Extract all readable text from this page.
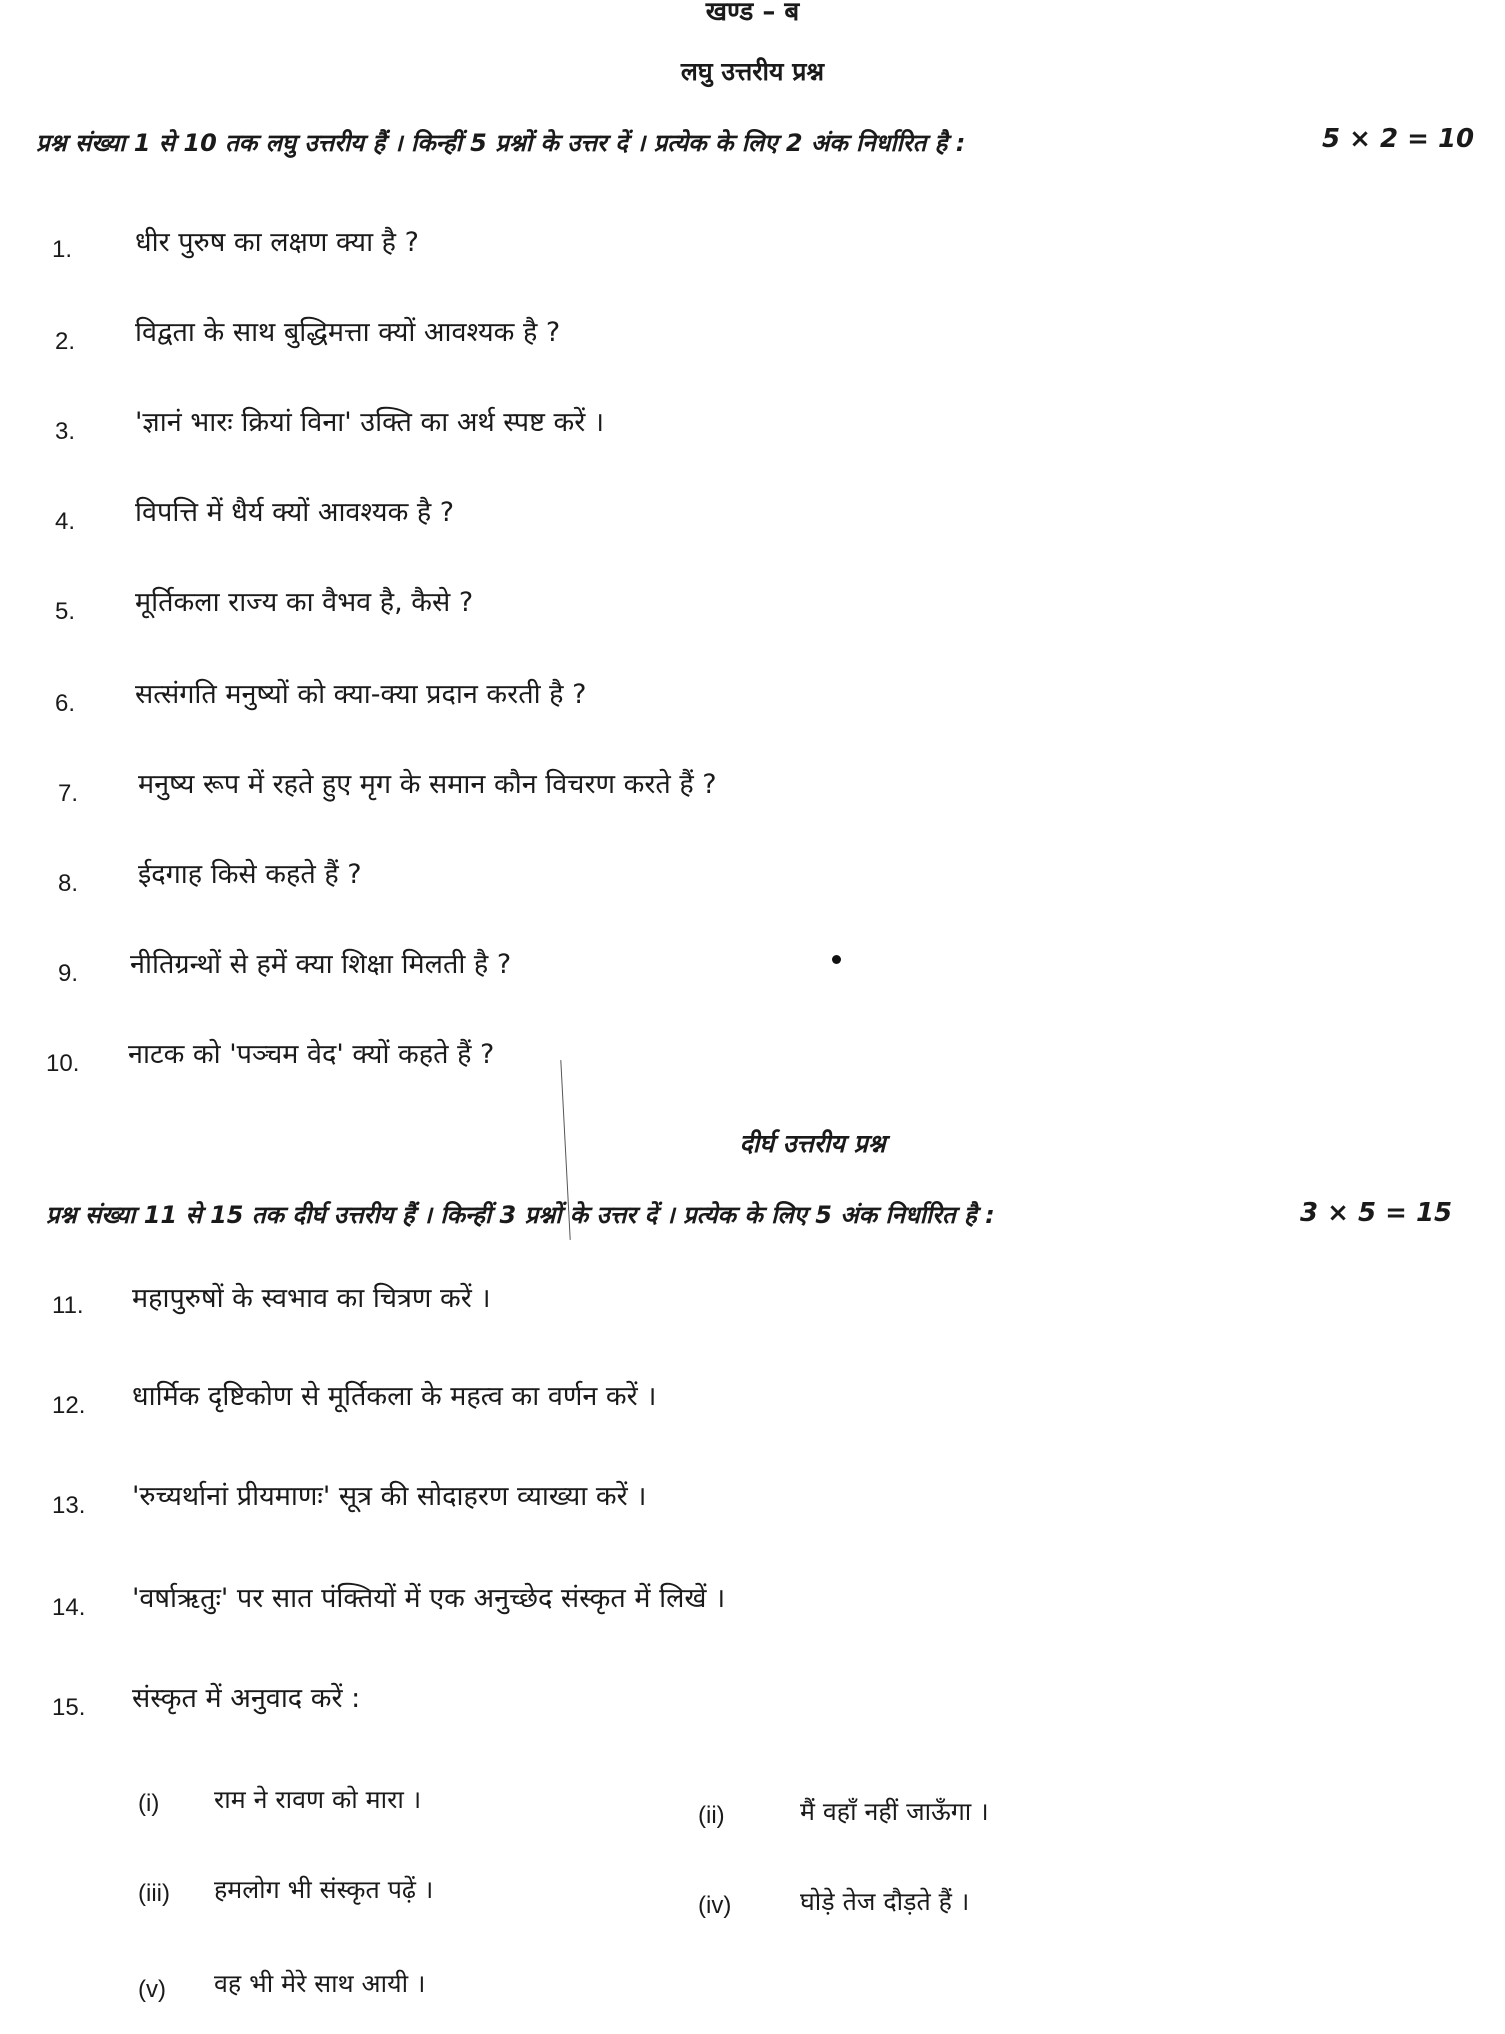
खण्ड – ब
लघु उत्तरीय प्रश्न
प्रश्न संख्या 1 से 10 तक लघु उत्तरीय हैं । किन्हीं 5 प्रश्नों के उत्तर दें । प्रत्येक के लिए 2 अंक निर्धारित है :	5 × 2 = 10
1. धीर पुरुष का लक्षण क्या है ?
2. विद्वता के साथ बुद्धिमत्ता क्यों आवश्यक है ?
3. 'ज्ञानं भारः क्रियां विना' उक्ति का अर्थ स्पष्ट करें ।
4. विपत्ति में धैर्य क्यों आवश्यक है ?
5. मूर्तिकला राज्य का वैभव है, कैसे ?
6. सत्संगति मनुष्यों को क्या-क्या प्रदान करती है ?
7. मनुष्य रूप में रहते हुए मृग के समान कौन विचरण करते हैं ?
8. ईदगाह किसे कहते हैं ?
9. नीतिग्रन्थों से हमें क्या शिक्षा मिलती है ?
10. नाटक को 'पञ्चम वेद' क्यों कहते हैं ?
दीर्घ उत्तरीय प्रश्न
प्रश्न संख्या 11 से 15 तक दीर्घ उत्तरीय हैं । किन्हीं 3 प्रश्नों के उत्तर दें । प्रत्येक के लिए 5 अंक निर्धारित है :	3 × 5 = 15
11. महापुरुषों के स्वभाव का चित्रण करें ।
12. धार्मिक दृष्टिकोण से मूर्तिकला के महत्व का वर्णन करें ।
13. 'रुच्यर्थानां प्रीयमाणः' सूत्र की सोदाहरण व्याख्या करें ।
14. 'वर्षाऋतुः' पर सात पंक्तियों में एक अनुच्छेद संस्कृत में लिखें ।
15. संस्कृत में अनुवाद करें :
(i) राम ने रावण को मारा ।
(ii)	मैं वहाँ नहीं जाऊँगा ।
(iii) हमलोग भी संस्कृत पढ़ें ।
(iv)	घोड़े तेज दौड़ते हैं ।
(v) वह भी मेरे साथ आयी ।
